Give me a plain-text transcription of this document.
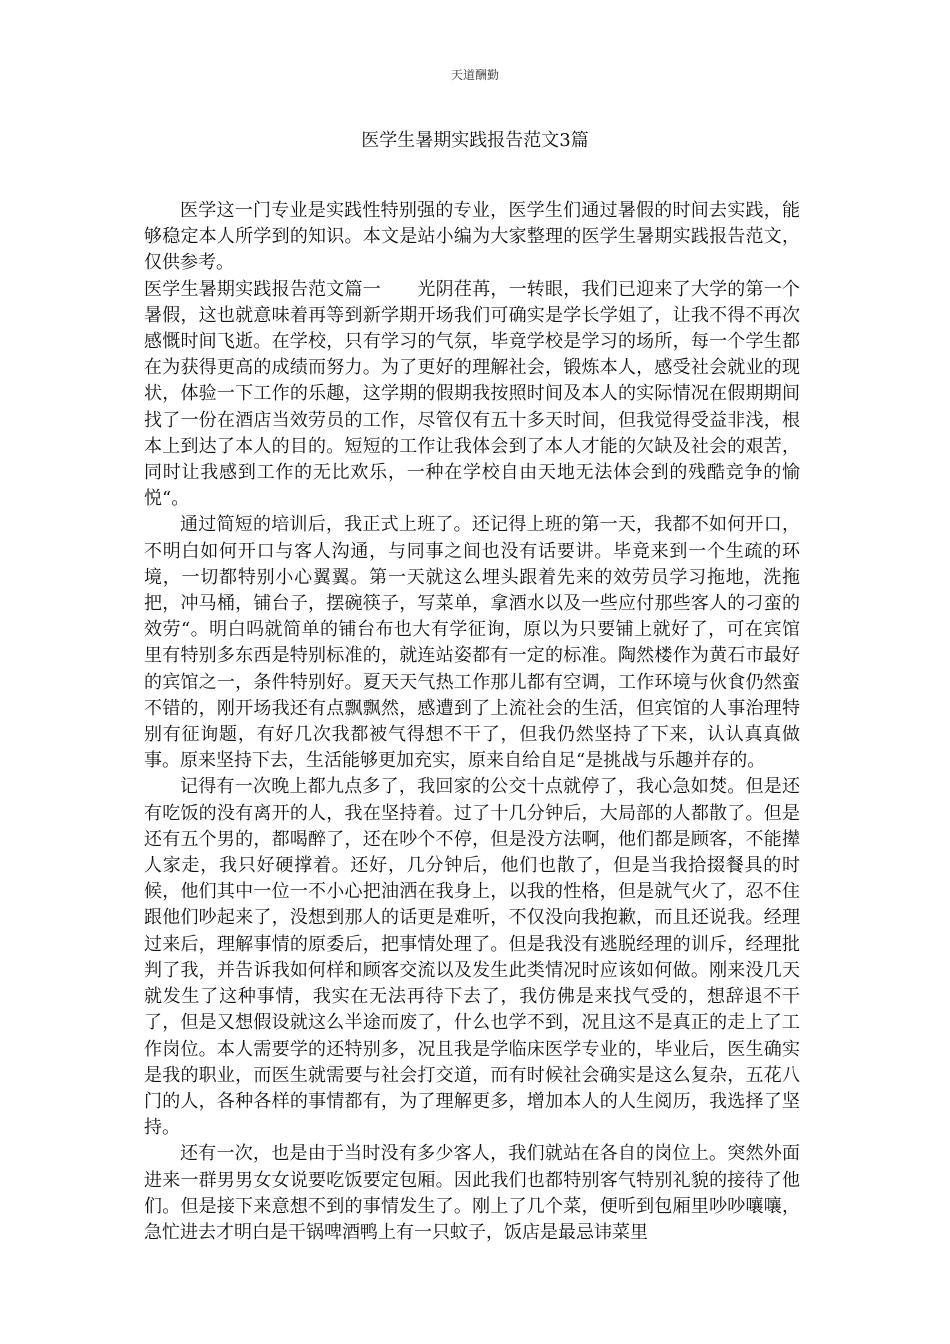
天道酬勤
医学生暑期实践报告范文3篇

医学这一门专业是实践性特别强的专业，医学生们通过暑假的时间去实践，能够稳定本人所学到的知识。本文是站小编为大家整理的医学生暑期实践报告范文，仅供参考。

医学生暑期实践报告范文篇一　　光阴荏苒，一转眼，我们已迎来了大学的第一个暑假，这也就意味着再等到新学期开场我们可确实是学长学姐了，让我不得不再次感慨时间飞逝。在学校，只有学习的气氛，毕竟学校是学习的场所，每一个学生都在为获得更高的成绩而努力。为了更好的理解社会，锻炼本人，感受社会就业的现状，体验一下工作的乐趣，这学期的假期我按照时间及本人的实际情况在假期期间找了一份在酒店当效劳员的工作，尽管仅有五十多天时间，但我觉得受益非浅，根本上到达了本人的目的。短短的工作让我体会到了本人才能的欠缺及社会的艰苦，同时让我感到工作的无比欢乐，一种在学校自由天地无法体会到的残酷竞争的愉悦“。

通过简短的培训后，我正式上班了。还记得上班的第一天，我都不如何开口，不明白如何开口与客人沟通，与同事之间也没有话要讲。毕竟来到一个生疏的环境，一切都特别小心翼翼。第一天就这么埋头跟着先来的效劳员学习拖地，洗拖把，冲马桶，铺台子，摆碗筷子，写菜单，拿酒水以及一些应付那些客人的刁蛮的效劳“。明白吗就简单的铺台布也大有学征询，原以为只要铺上就好了，可在宾馆里有特别多东西是特别标准的，就连站姿都有一定的标准。陶然楼作为黄石市最好的宾馆之一，条件特别好。夏天天气热工作那儿都有空调，工作环境与伙食仍然蛮不错的，刚开场我还有点飘飘然，感遭到了上流社会的生活，但宾馆的人事治理特别有征询题，有好几次我都被气得想不干了，但我仍然坚持了下来，认认真真做事。原来坚持下去，生活能够更加充实，原来自给自足“是挑战与乐趣并存的。

记得有一次晚上都九点多了，我回家的公交十点就停了，我心急如焚。但是还有吃饭的没有离开的人，我在坚持着。过了十几分钟后，大局部的人都散了。但是还有五个男的，都喝醉了，还在吵个不停，但是没方法啊，他们都是顾客，不能撵人家走，我只好硬撑着。还好，几分钟后，他们也散了，但是当我拾掇餐具的时候，他们其中一位一不小心把油洒在我身上，以我的性格，但是就气火了，忍不住跟他们吵起来了，没想到那人的话更是难听，不仅没向我抱歉，而且还说我。经理过来后，理解事情的原委后，把事情处理了。但是我没有逃脱经理的训斥，经理批判了我，并告诉我如何样和顾客交流以及发生此类情况时应该如何做。刚来没几天就发生了这种事情，我实在无法再待下去了，我仿佛是来找气受的，想辞退不干了，但是又想假设就这么半途而废了，什么也学不到，况且这不是真正的走上了工作岗位。本人需要学的还特别多，况且我是学临床医学专业的，毕业后，医生确实是我的职业，而医生就需要与社会打交道，而有时候社会确实是这么复杂，五花八门的人，各种各样的事情都有，为了理解更多，增加本人的人生阅历，我选择了坚持。

还有一次，也是由于当时没有多少客人，我们就站在各自的岗位上。突然外面进来一群男男女女说要吃饭要定包厢。因此我们也都特别客气特别礼貌的接待了他们。但是接下来意想不到的事情发生了。刚上了几个菜，便听到包厢里吵吵嚷嚷，急忙进去才明白是干锅啤酒鸭上有一只蚊子，饭店是最忌讳菜里
